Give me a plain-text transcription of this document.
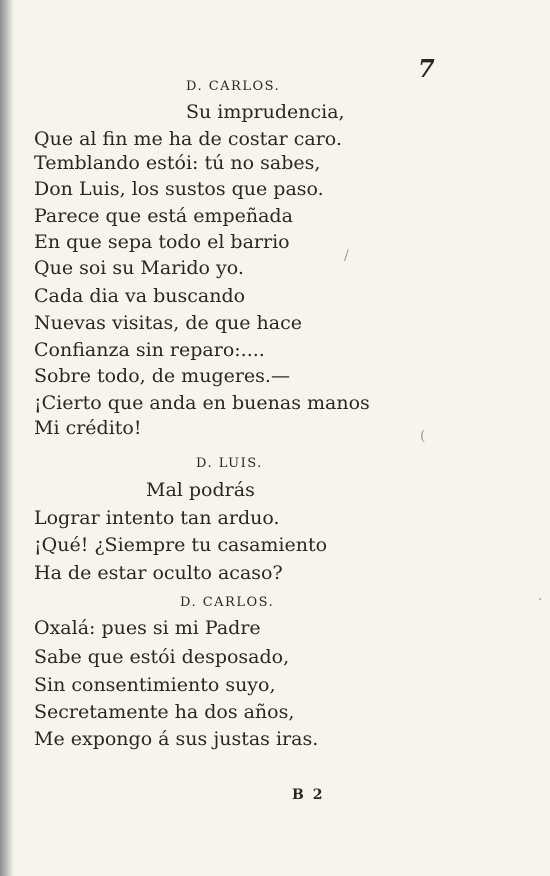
7
D. CARLOS.
Su imprudencia,
Que al fin me ha de costar caro.
Temblando estói: tú no sabes,
Don Luis, los sustos que paso.
Parece que está empeñada
En que sepa todo el barrio
Que soi su Marido yo.
Cada dia va buscando
Nuevas visitas, de que hace
Confianza sin reparo:....
Sobre todo, de mugeres.—
¡Cierto que anda en buenas manos
Mi crédito!
D. LUIS.
Mal podrás
Lograr intento tan arduo.
¡Qué! ¿Siempre tu casamiento
Ha de estar oculto acaso?
D. CARLOS.
Oxalá: pues si mi Padre
Sabe que estói desposado,
Sin consentimiento suyo,
Secretamente ha dos años,
Me expongo á sus justas iras.
B 2
/
(
·
